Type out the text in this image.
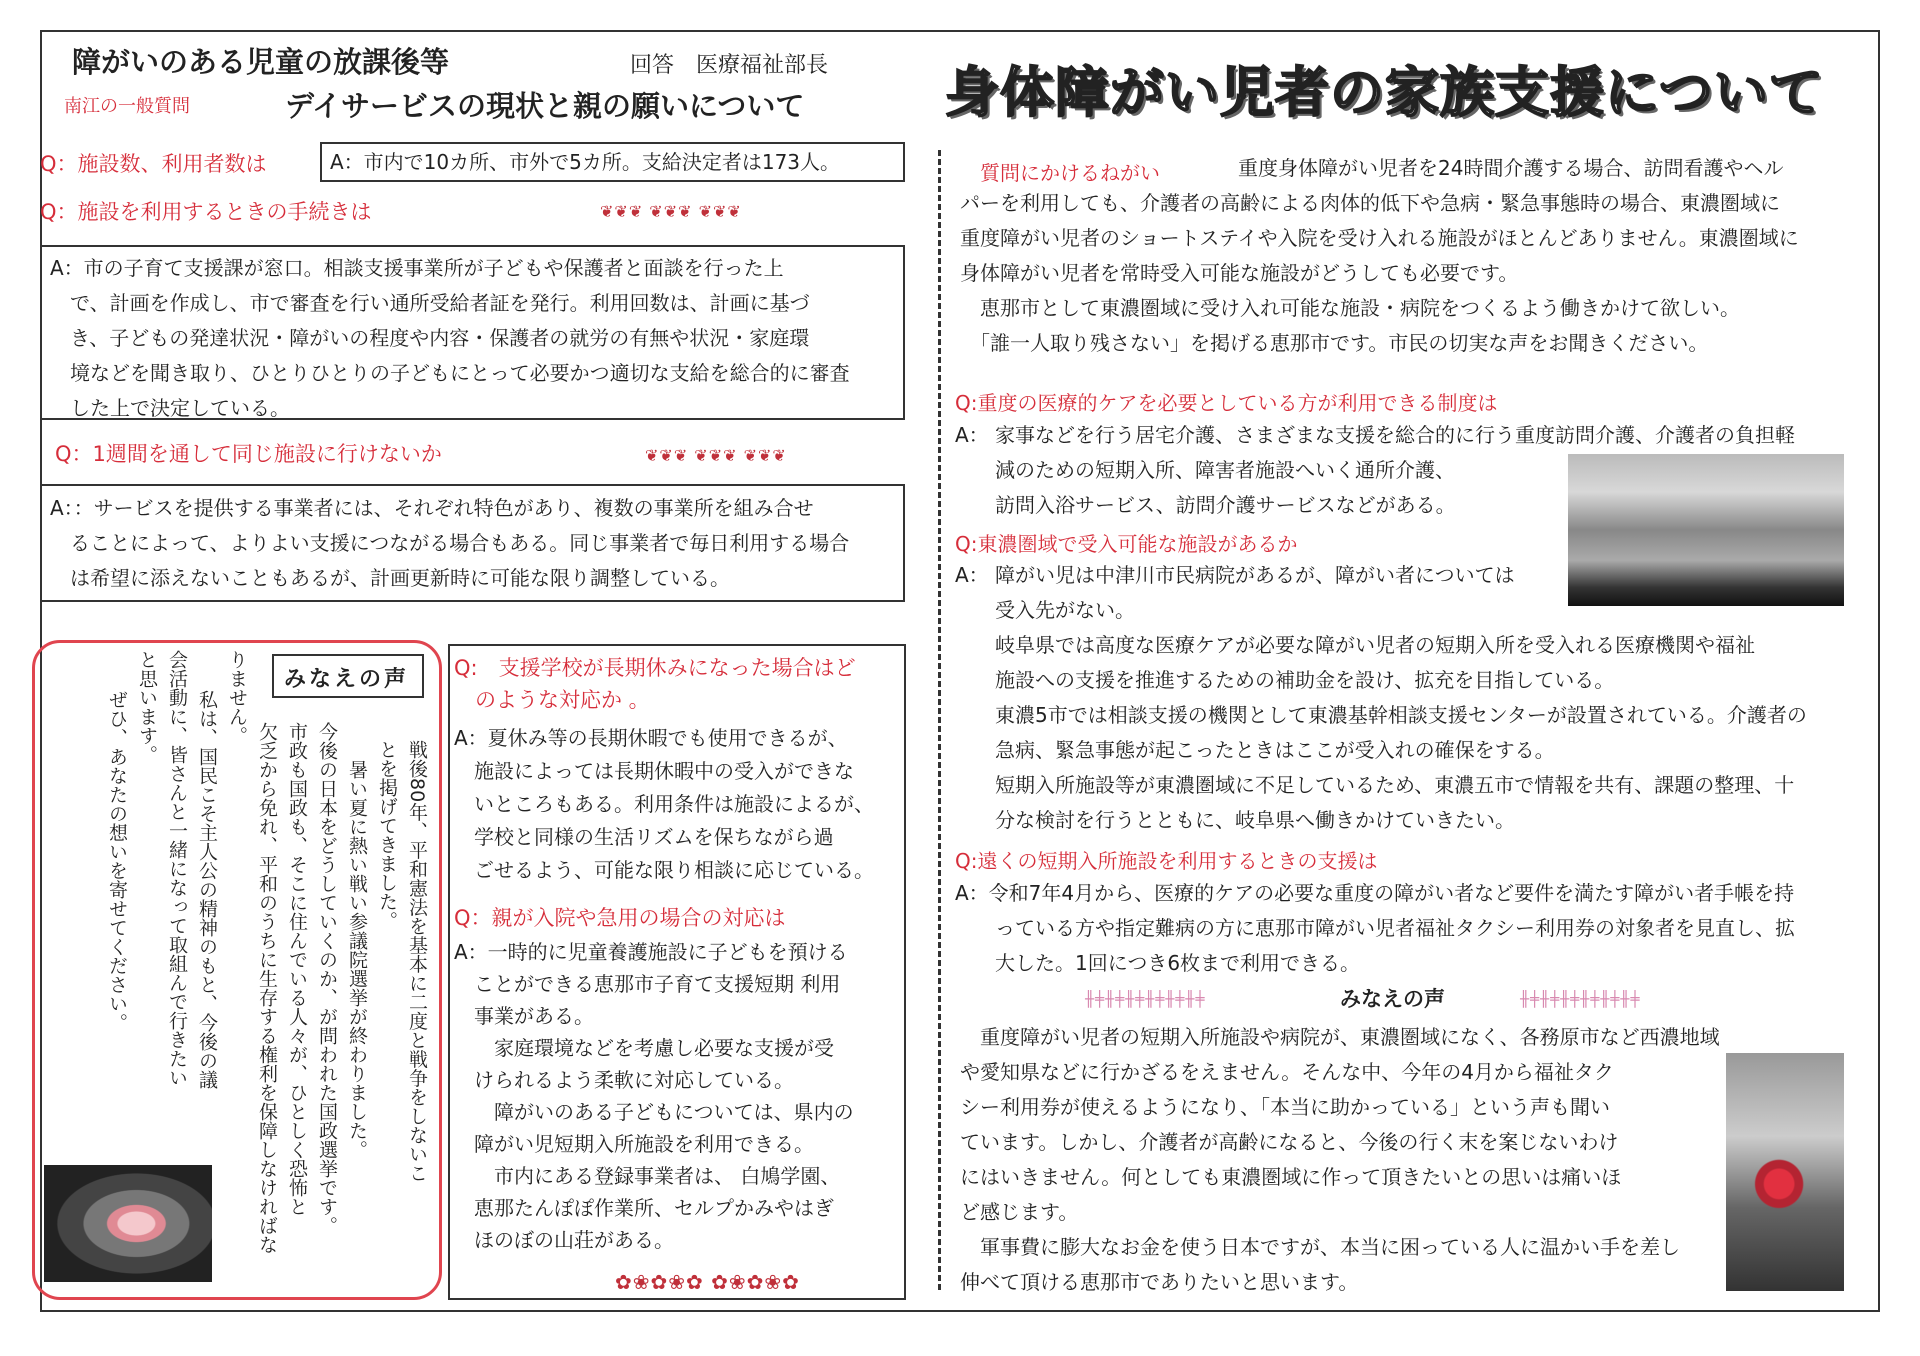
障がいのある児童の放課後等	回答　医療福祉部長
南江の一般質問	デイサービスの現状と親の願いについて
Q：施設数、利用者数は	A：市内で10カ所、市外で5カ所。支給決定者は173人。
Q：施設を利用するときの手続きは	❦❦❦ ❦❦❦ ❦❦❦
A：市の子育て支援課が窓口。相談支援事業所が子どもや保護者と面談を行った上
　で、計画を作成し、市で審査を行い通所受給者証を発行。利用回数は、計画に基づ
　き、子どもの発達状況・障がいの程度や内容・保護者の就労の有無や状況・家庭環
　境などを聞き取り、ひとりひとりの子どもにとって必要かつ適切な支給を総合的に審査
　した上で決定している。
Q：1週間を通して同じ施設に行けないか	❦❦❦ ❦❦❦ ❦❦❦
A：：サービスを提供する事業者には、それぞれ特色があり、複数の事業所を組み合せ
　ることによって、よりよい支援につながる場合もある。同じ事業者で毎日利用する場合
　は希望に添えないこともあるが、計画更新時に可能な限り調整している。
みなえの声
戦後80年、平和憲法を基本に二度と戦争をしないこ
とを掲げてきました。
暑い夏に熱い戦い参議院選挙が終わりました。
今後の日本をどうしていくのか、が問われた国政選挙です。
市政も国政も、そこに住んでいる人々が、ひとしく恐怖と
欠乏から免れ、平和のうちに生存する権利を保障しなければな
りません。
私は、国民こそ主人公の精神のもと、今後の議
会活動に、皆さんと一緒になって取組んで行きたい
と思います。
ぜひ、あなたの想いを寄せてください。
Q:　支援学校が長期休みになった場合はど
　のような対応か 。
A：夏休み等の長期休暇でも使用できるが、
　施設によっては長期休暇中の受入ができな
　いところもある。利用条件は施設によるが、
　学校と同様の生活リズムを保ちながら過
　ごせるよう、可能な限り相談に応じている。
Q：親が入院や急用の場合の対応は
A：一時的に児童養護施設に子どもを預ける
　ことができる恵那市子育て支援短期 利用
　事業がある。
　　家庭環境などを考慮し必要な支援が受
　けられるよう柔軟に対応している。
　　障がいのある子どもについては、県内の
　障がい児短期入所施設を利用できる。
　　市内にある登録事業者は、 白鳩学園、
　恵那たんぽぽ作業所、セルプかみやはぎ
　ほのぼの山荘がある。
✿❀✿❀✿ ✿❀✿❀✿
身体障がい児者の家族支援について
質問にかけるねがい	重度身体障がい児者を24時間介護する場合、訪問看護やヘル
パーを利用しても、介護者の高齢による肉体的低下や急病・緊急事態時の場合、東濃圏域に
重度障がい児者のショートステイや入院を受け入れる施設がほとんどありません。東濃圏域に
身体障がい児者を常時受入可能な施設がどうしても必要です。
　恵那市として東濃圏域に受け入れ可能な施設・病院をつくるよう働きかけて欲しい。
　「誰一人取り残さない」を掲げる恵那市です。市民の切実な声をお聞きください。
Q:重度の医療的ケアを必要としている方が利用できる制度は
A： 家事などを行う居宅介護、さまざまな支援を総合的に行う重度訪問介護、介護者の負担軽
　　減のための短期入所、障害者施設へいく通所介護、
　　訪問入浴サービス、訪問介護サービスなどがある。
Q:東濃圏域で受入可能な施設があるか
A： 障がい児は中津川市民病院があるが、障がい者については
　　受入先がない。
　　岐阜県では高度な医療ケアが必要な障がい児者の短期入所を受入れる医療機関や福祉
　　施設への支援を推進するための補助金を設け、拡充を目指している。
　　東濃5市では相談支援の機関として東濃基幹相談支援センターが設置されている。介護者の
　　急病、緊急事態が起こったときはここが受入れの確保をする。
　　短期入所施設等が東濃圏域に不足しているため、東濃五市で情報を共有、課題の整理、十
　　分な検討を行うとともに、岐阜県へ働きかけていきたい。
Q:遠くの短期入所施設を利用するときの支援は
A：令和7年4月から、医療的ケアの必要な重度の障がい者など要件を満たす障がい者手帳を持
　　っている方や指定難病の方に恵那市障がい児者福祉タクシー利用券の対象者を見直し、拡
　　大した。1回につき6枚まで利用できる。
╫╪╫╪╫╪╫╪╫╪╫╪	みなえの声	╫╪╫╪╫╪╫╪╫╪╫╪
　重度障がい児者の短期入所施設や病院が、東濃圏域になく、各務原市など西濃地域
や愛知県などに行かざるをえません。そんな中、今年の4月から福祉タク
シー利用券が使えるようになり、「本当に助かっている」という声も聞い
ています。しかし、介護者が高齢になると、今後の行く末を案じないわけ
にはいきません。何としても東濃圏域に作って頂きたいとの思いは痛いほ
ど感じます。
　軍事費に膨大なお金を使う日本ですが、本当に困っている人に温かい手を差し
伸べて頂ける恵那市でありたいと思います。
